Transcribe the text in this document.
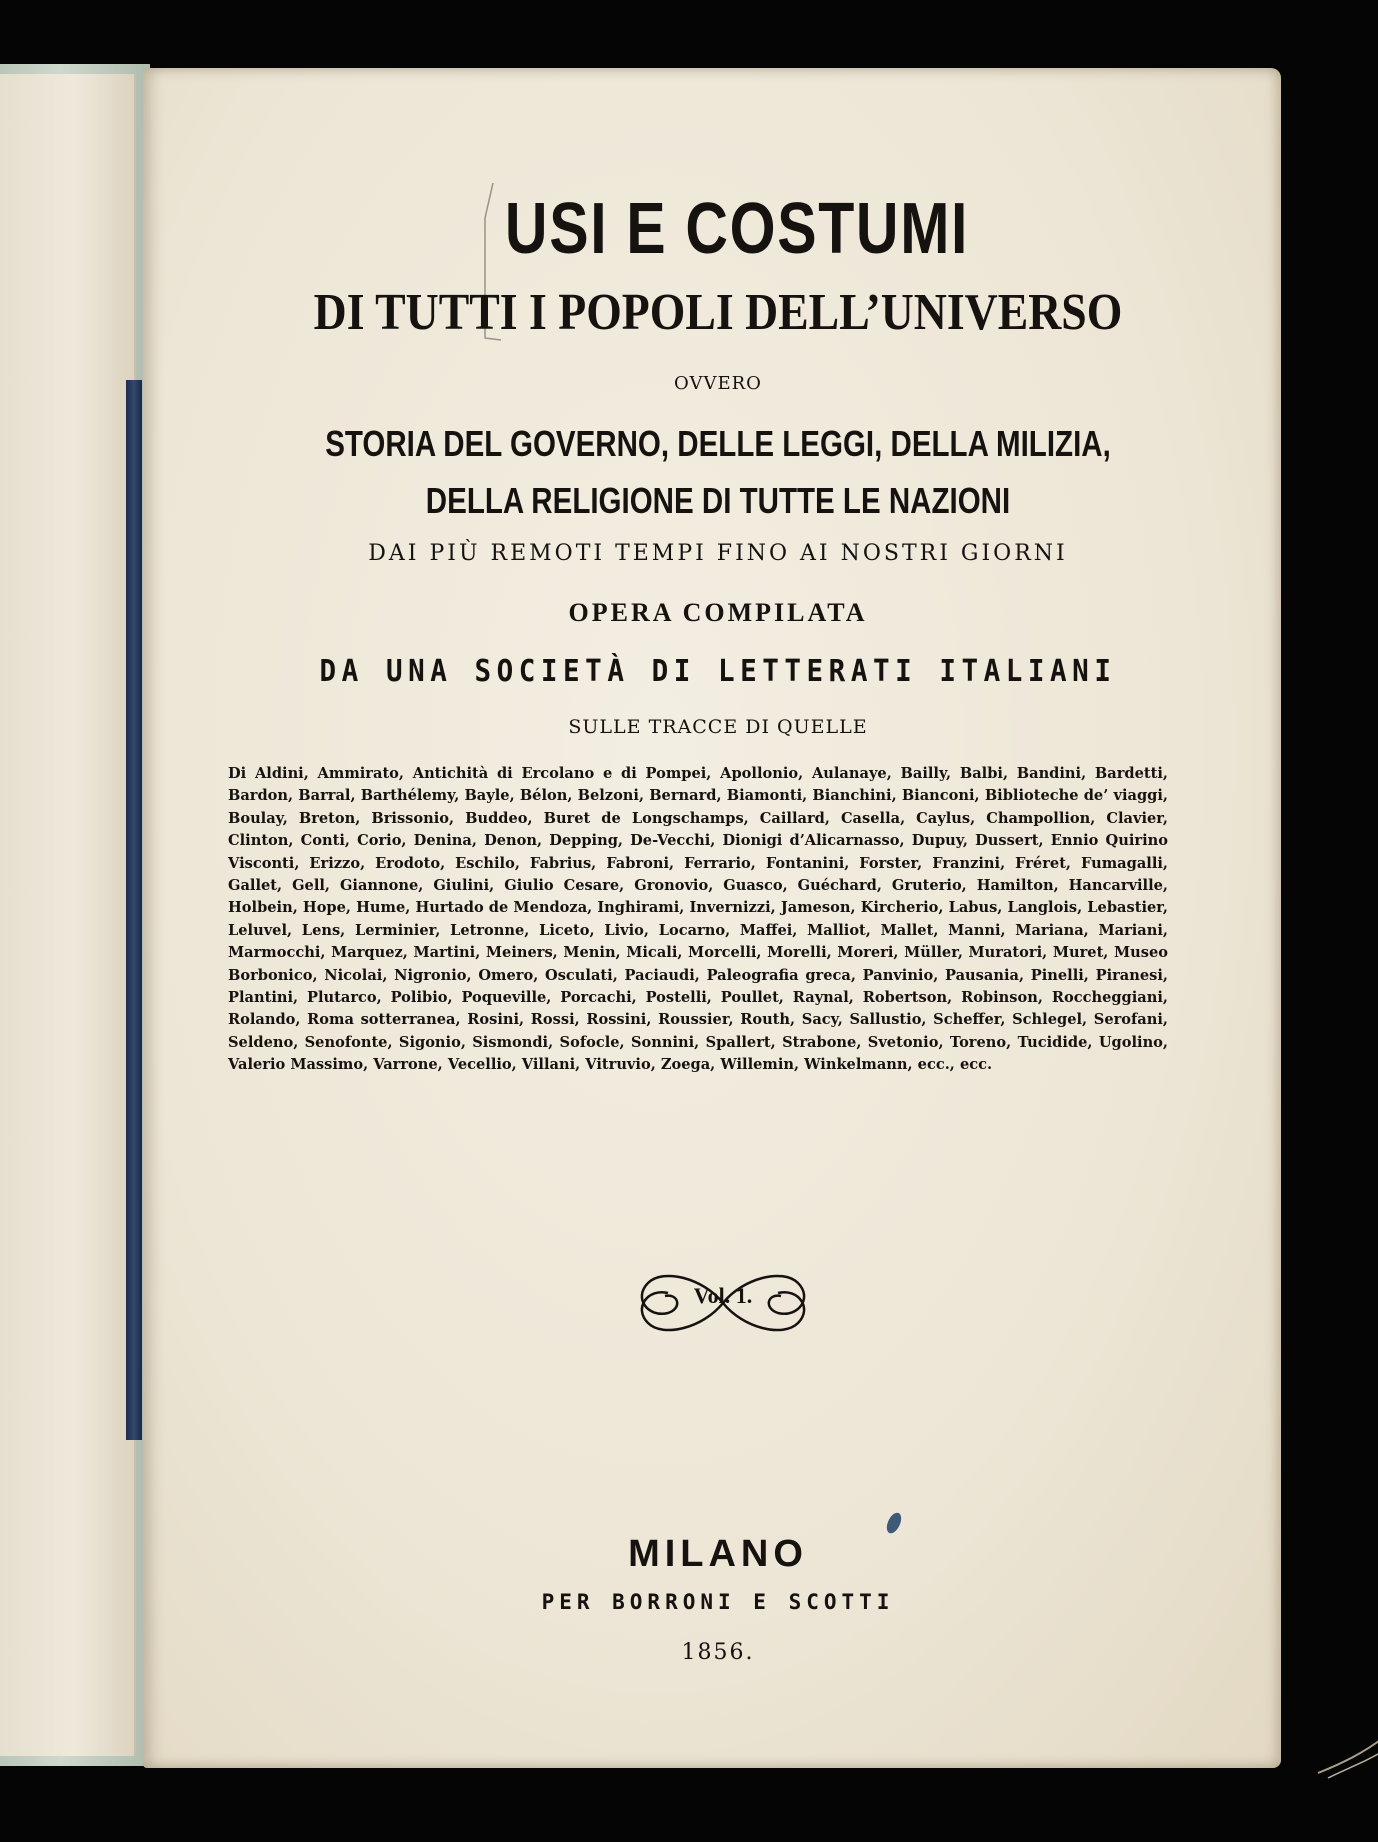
USI E COSTUMI
DI TUTTI I POPOLI DELL’UNIVERSO
OVVERO
STORIA DEL GOVERNO, DELLE LEGGI, DELLA MILIZIA,
DELLA RELIGIONE DI TUTTE LE NAZIONI
DAI PIÙ REMOTI TEMPI FINO AI NOSTRI GIORNI
OPERA COMPILATA
DA UNA SOCIETÀ DI LETTERATI ITALIANI
SULLE TRACCE DI QUELLE
Di Aldini, Ammirato, Antichità di Ercolano e di Pompei, Apollonio, Aulanaye, Bailly, Balbi, Bandini, Bardetti, Bardon, Barral, Barthélemy, Bayle, Bélon, Belzoni, Bernard, Biamonti, Bianchini, Bianconi, Biblioteche de’ viaggi, Boulay, Breton, Brissonio, Buddeo, Buret de Longschamps, Caillard, Casella, Caylus, Champollion, Clavier, Clinton, Conti, Corio, Denina, Denon, Depping, De-Vecchi, Dionigi d’Alicarnasso, Dupuy, Dussert, Ennio Quirino Visconti, Erizzo, Erodoto, Eschilo, Fabrius, Fabroni, Ferrario, Fontanini, Forster, Franzini, Fréret, Fumagalli, Gallet, Gell, Giannone, Giulini, Giulio Cesare, Gronovio, Guasco, Guéchard, Gruterio, Hamilton, Hancarville, Holbein, Hope, Hume, Hurtado de Mendoza, Inghirami, Invernizzi, Jameson, Kircherio, Labus, Langlois, Lebastier, Leluvel, Lens, Lerminier, Letronne, Liceto, Livio, Locarno, Maffei, Malliot, Mallet, Manni, Mariana, Mariani, Marmocchi, Marquez, Martini, Meiners, Menin, Micali, Morcelli, Morelli, Moreri, Müller, Muratori, Muret, Museo Borbonico, Nicolai, Nigronio, Omero, Osculati, Paciaudi, Paleografia greca, Panvinio, Pausania, Pinelli, Piranesi, Plantini, Plutarco, Polibio, Poqueville, Porcachi, Postelli, Poullet, Raynal, Robertson, Robinson, Roccheggiani, Rolando, Roma sotterranea, Rosini, Rossi, Rossini, Roussier, Routh, Sacy, Sallustio, Scheffer, Schlegel, Serofani, Seldeno, Senofonte, Sigonio, Sismondi, Sofocle, Sonnini, Spallert, Strabone, Svetonio, Toreno, Tucidide, Ugolino, Valerio Massimo, Varrone, Vecellio, Villani, Vitruvio, Zoega, Willemin, Winkelmann, ecc., ecc.
Vol. 1.
MILANO
PER BORRONI E SCOTTI
1856.
